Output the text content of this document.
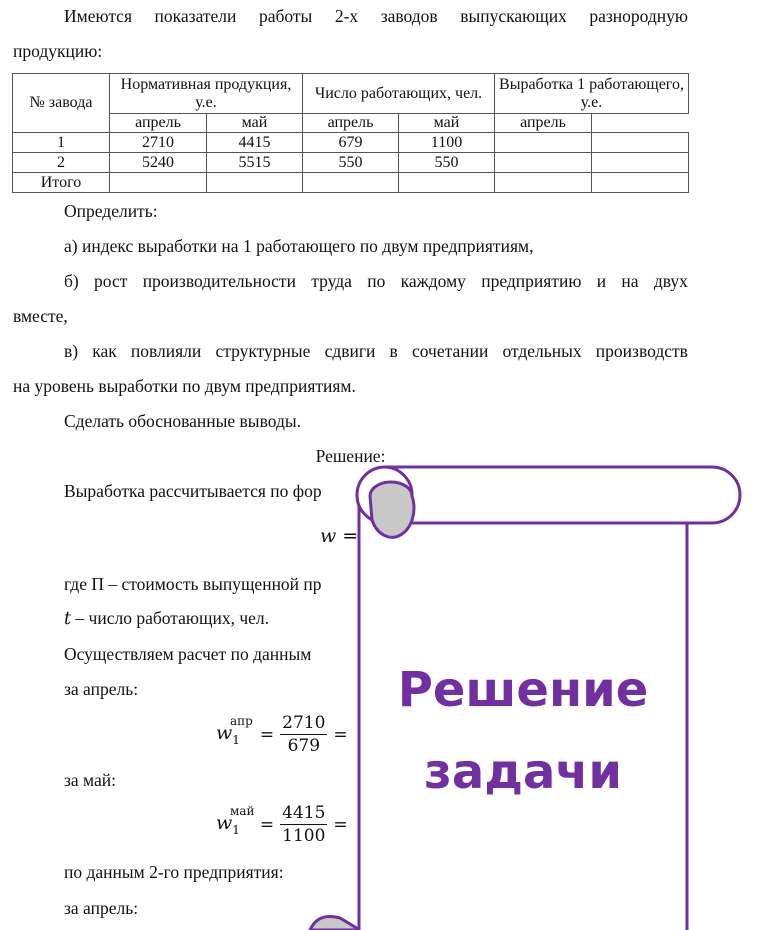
Имеются показатели работы 2-х заводов выпускающих разнородную
продукцию:
№ завода	Нормативная продукция, у.е.		Число работающих, чел.		Выработка 1 работающего, у.е.	
	апрель	май	апрель	май	апрель	
1	2710	4415	679	1100		
2	5240	5515	550	550		
Итого						
Определить:
а) индекс выработки на 1 работающего по двум предприятиям,
б) рост производительности труда по каждому предприятию и на двух
вместе,
в) как повлияли структурные сдвиги в сочетании отдельных производств
на уровень выработки по двум предприятиям.
Сделать обоснованные выводы.
Решение:
Выработка рассчитывается по фор
w =
где П – стоимость выпущенной пр
t – число работающих, чел.
Осуществляем расчет по данным
за апрель:
$w_1$
апр
= $\frac{2710}{679}$ =
за май:
$w_1$
май
= $\frac{4415}{1100}$ =
по данным 2-го предприятия:
за апрель:
Решение
задачи
